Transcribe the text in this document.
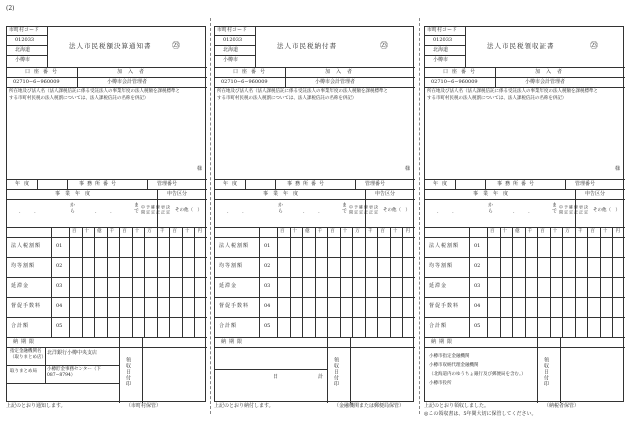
(2)
市町村コード
012033
北海道
小樽市
法人市民税額決算通知書	㉓
口座番号	加入者
02710−6−960009	小樽市会計管理者
所在地及び法人名（法人課税信託に係る受託法人の事業年度の法人税額を課税標準とする市町村民税の法人税割については、法人課税信託の名称を併記）
様
年度	事務所番号	管理番号
事業年度	申告区分
· ·	· ·
から	まで 中間 予定 確定 修正 更正 決定 その他（　）
百 十 億 千 百 十 万 千 百 十 円
法人税割額	01
均等割額	02
延滞金	03
督促手数料	04
合計額	05
納期限
領収日付印
指定金融機関名（取りまとめ店）
北洋銀行小樽中央支店
取りまとめ局 小樽貯金事務センター（下087−8794）
上記のとおり通知します。	（市町村保管）
市町村コード
012033
北海道
小樽市
法人市民税納付書	㉓
口座番号	加入者
02710−6−960009	小樽市会計管理者
所在地及び法人名（法人課税信託に係る受託法人の事業年度の法人税額を課税標準とする市町村民税の法人税割については、法人課税信託の名称を併記）
様
年度	事務所番号	管理番号
事業年度	申告区分
· ·	· ·
から	まで 中間 予定 確定 修正 更正 決定 その他（　）
百 十 億 千 百 十 万 千 百 十 円
法人税割額	01
均等割額	02
延滞金	03
督促手数料	04
合計額	05
納期限
領収日付印
日計
上記のとおり納付します。	（金融機関または郵便局保管）
市町村コード
012033
北海道
小樽市
法人市民税領収証書	㉓
口座番号	加入者
02710−6−960009	小樽市会計管理者
所在地及び法人名（法人課税信託に係る受託法人の事業年度の法人税額を課税標準とする市町村民税の法人税割については、法人課税信託の名称を併記）
様
年度	事務所番号	管理番号
事業年度	申告区分
· ·	· ·
から	まで 中間 予定 確定 修正 更正 決定 その他（　）
百 十 億 千 百 十 万 千 百 十 円
法人税割額	01
均等割額	02
延滞金	03
督促手数料	04
合計額	05
納期限
領収日付印
小樽市指定金融機関
小樽市収納代理金融機関
（北海道内のゆうちょ銀行及び郵便局を含む。）
小樽市役所
上記のとおり領収しました。	（納税者保管）
◎この領収書は、5年間大切に保管してください。
